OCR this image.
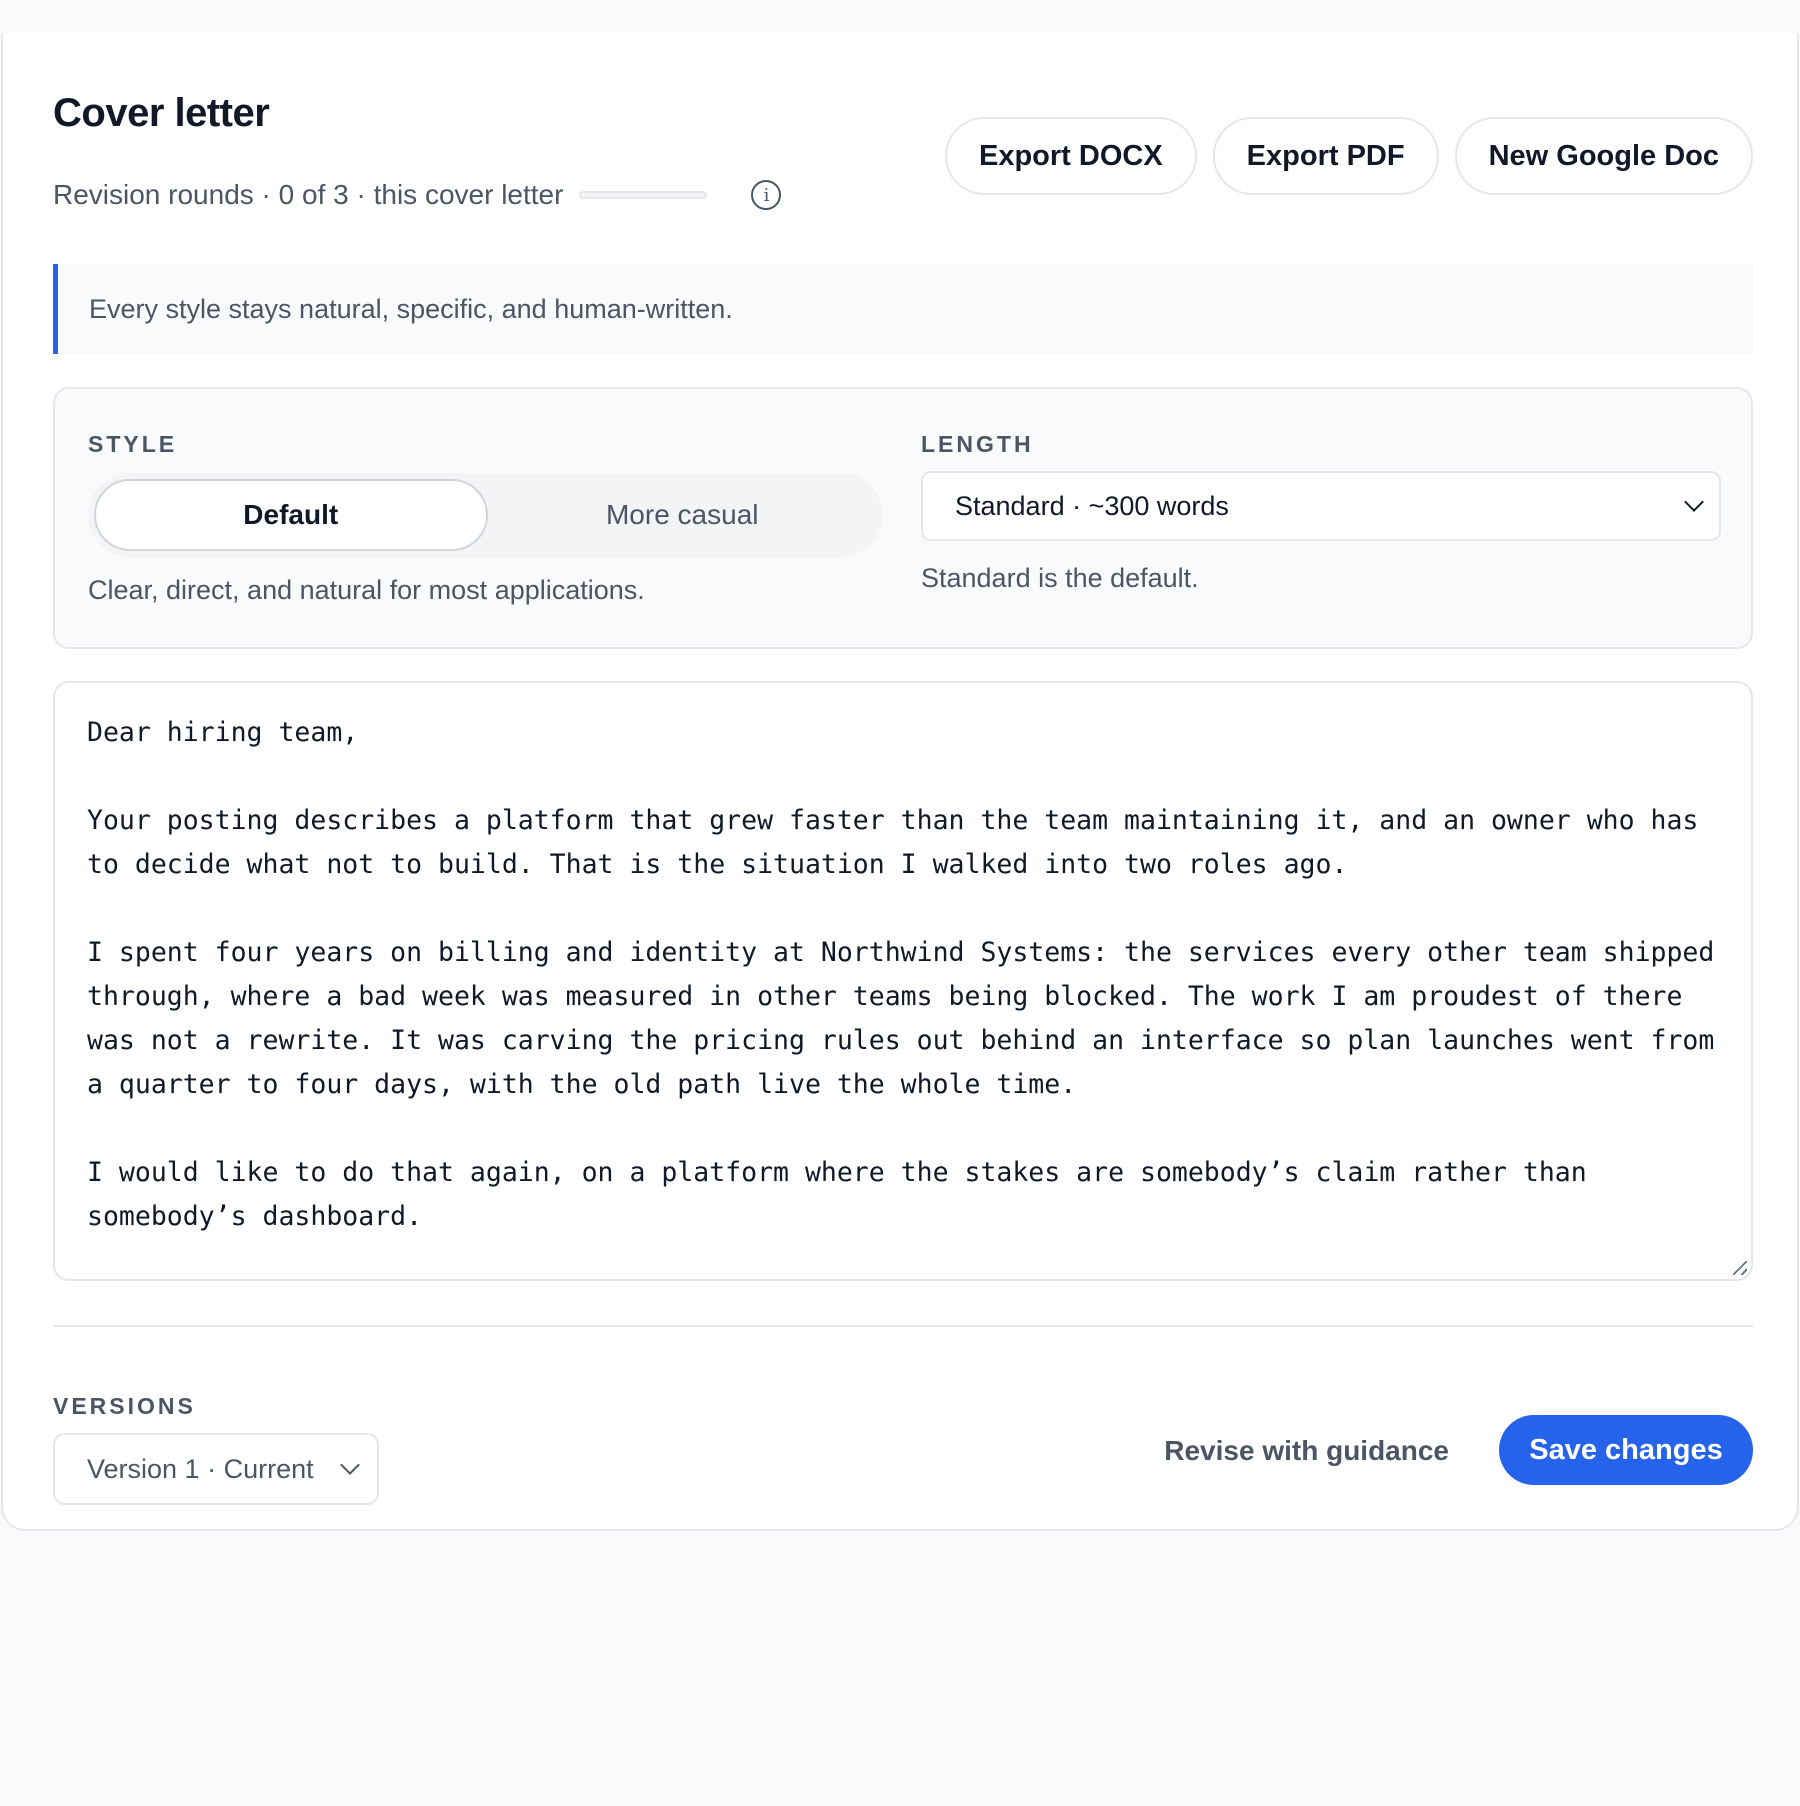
Cover letter
Revision rounds · 0 of 3 · this cover letter	i
Export DOCX	Export PDF	New Google Doc
Every style stays natural, specific, and human-written.
STYLE
Default	More casual
Clear, direct, and natural for most applications.
LENGTH
Standard · ~300 words
Standard is the default.
Dear hiring team,

Your posting describes a platform that grew faster than the team maintaining it, and an owner who has to decide what not to build. That is the situation I walked into two roles ago.

I spent four years on billing and identity at Northwind Systems: the services every other team shipped through, where a bad week was measured in other teams being blocked. The work I am proudest of there was not a rewrite. It was carving the pricing rules out behind an interface so plan launches went from a quarter to four days, with the old path live the whole time.

I would like to do that again, on a platform where the stakes are somebody’s claim rather than somebody’s dashboard.
VERSIONS
Version 1 · Current
Revise with guidance	Save changes
